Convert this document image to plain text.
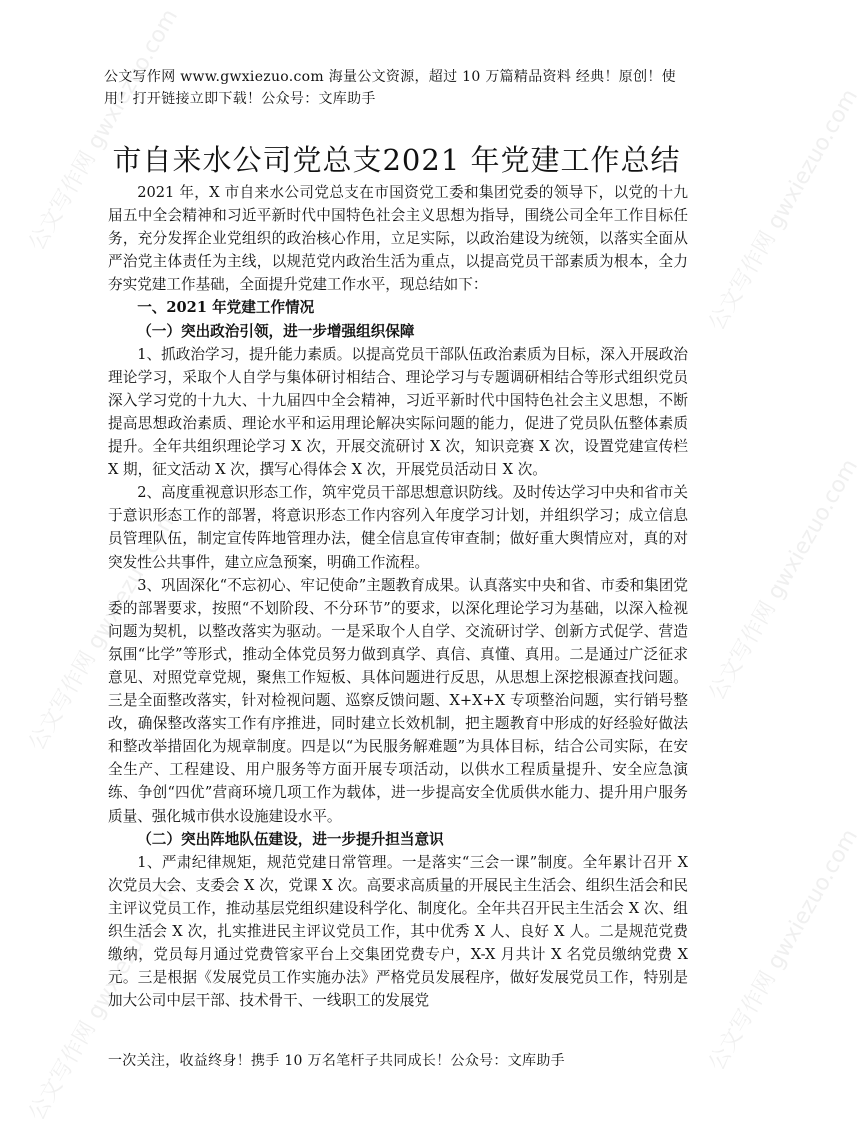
公文写作网 gwxiezuo.com
公文写作网 gwxiezuo.com
公文写作网 gwxiezuo.com
公文写作网 gwxiezuo.com
公文写作网 gwxiezuo.com
公文写作网 gwxiezuo.com
公文写作网 www.gwxiezuo.com 海量公文资源，超过 10 万篇精品资料 经典！原创！使用！打开链接立即下载！公众号：文库助手
市自来水公司党总支2021 年党建工作总结

2021 年，X 市自来水公司党总支在市国资党工委和集团党委的领导下，以党的十九届五中全会精神和习近平新时代中国特色社会主义思想为指导，围绕公司全年工作目标任务，充分发挥企业党组织的政治核心作用，立足实际，以政治建设为统领，以落实全面从严治党主体责任为主线，以规范党内政治生活为重点，以提高党员干部素质为根本，全力夯实党建工作基础，全面提升党建工作水平，现总结如下：

一、2021 年党建工作情况
（一）突出政治引领，进一步增强组织保障

1、抓政治学习，提升能力素质。以提高党员干部队伍政治素质为目标，深入开展政治理论学习，采取个人自学与集体研讨相结合、理论学习与专题调研相结合等形式组织党员深入学习党的十九大、十九届四中全会精神，习近平新时代中国特色社会主义思想，不断提高思想政治素质、理论水平和运用理论解决实际问题的能力，促进了党员队伍整体素质提升。全年共组织理论学习 X 次，开展交流研讨 X 次，知识竞赛 X 次，设置党建宣传栏 X 期，征文活动 X 次，撰写心得体会 X 次，开展党员活动日 X 次。

2、高度重视意识形态工作，筑牢党员干部思想意识防线。及时传达学习中央和省市关于意识形态工作的部署，将意识形态工作内容列入年度学习计划，并组织学习；成立信息员管理队伍，制定宣传阵地管理办法，健全信息宣传审查制；做好重大舆情应对，真的对突发性公共事件，建立应急预案，明确工作流程。

3、巩固深化“不忘初心、牢记使命”主题教育成果。认真落实中央和省、市委和集团党委的部署要求，按照“不划阶段、不分环节”的要求，以深化理论学习为基础，以深入检视问题为契机，以整改落实为驱动。一是采取个人自学、交流研讨学、创新方式促学、营造氛围“比学”等形式，推动全体党员努力做到真学、真信、真懂、真用。二是通过广泛征求意见、对照党章党规，聚焦工作短板、具体问题进行反思，从思想上深挖根源查找问题。三是全面整改落实，针对检视问题、巡察反馈问题、X+X+X 专项整治问题，实行销号整改，确保整改落实工作有序推进，同时建立长效机制，把主题教育中形成的好经验好做法和整改举措固化为规章制度。四是以“为民服务解难题”为具体目标，结合公司实际，在安全生产、工程建设、用户服务等方面开展专项活动，以供水工程质量提升、安全应急演练、争创“四优”营商环境几项工作为载体，进一步提高安全优质供水能力、提升用户服务质量、强化城市供水设施建设水平。

（二）突出阵地队伍建设，进一步提升担当意识

1、严肃纪律规矩，规范党建日常管理。一是落实“三会一课”制度。全年累计召开 X 次党员大会、支委会 X 次，党课 X 次。高要求高质量的开展民主生活会、组织生活会和民主评议党员工作，推动基层党组织建设科学化、制度化。全年共召开民主生活会 X 次、组织生活会 X 次，扎实推进民主评议党员工作，其中优秀 X 人、良好 X 人。二是规范党费缴纳，党员每月通过党费管家平台上交集团党费专户，X-X 月共计 X 名党员缴纳党费 X 元。三是根据《发展党员工作实施办法》严格党员发展程序，做好发展党员工作，特别是加大公司中层干部、技术骨干、一线职工的发展党

一次关注，收益终身！携手 10 万名笔杆子共同成长！公众号：文库助手
